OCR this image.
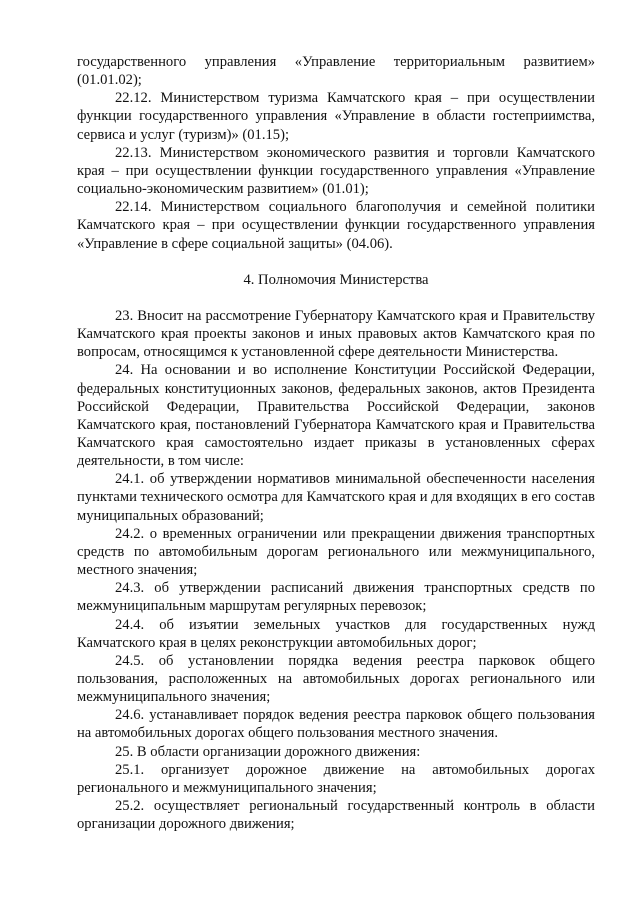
государственного управления «Управление территориальным развитием» (01.01.02);

22.12. Министерством туризма Камчатского края – при осуществлении функции государственного управления «Управление в области гостеприимства, сервиса и услуг (туризм)» (01.15);

22.13. Министерством экономического развития и торговли Камчатского края – при осуществлении функции государственного управления «Управление социально-экономическим развитием» (01.01);

22.14. Министерством социального благополучия и семейной политики Камчатского края – при осуществлении функции государственного управления «Управление в сфере социальной защиты» (04.06).

4. Полномочия Министерства

23. Вносит на рассмотрение Губернатору Камчатского края и Правительству Камчатского края проекты законов и иных правовых актов Камчатского края по вопросам, относящимся к установленной сфере деятельности Министерства.

24. На основании и во исполнение Конституции Российской Федерации, федеральных конституционных законов, федеральных законов, актов Президента Российской Федерации, Правительства Российской Федерации, законов Камчатского края, постановлений Губернатора Камчатского края и Правительства Камчатского края самостоятельно издает приказы в установленных сферах деятельности, в том числе:

24.1. об утверждении нормативов минимальной обеспеченности населения пунктами технического осмотра для Камчатского края и для входящих в его состав муниципальных образований;

24.2. о временных ограничении или прекращении движения транспортных средств по автомобильным дорогам регионального или межмуниципального, местного значения;

24.3. об утверждении расписаний движения транспортных средств по межмуниципальным маршрутам регулярных перевозок;

24.4. об изъятии земельных участков для государственных нужд Камчатского края в целях реконструкции автомобильных дорог;

24.5. об установлении порядка ведения реестра парковок общего пользования, расположенных на автомобильных дорогах регионального или межмуниципального значения;

24.6. устанавливает порядок ведения реестра парковок общего пользования на автомобильных дорогах общего пользования местного значения.

25. В области организации дорожного движения:

25.1. организует дорожное движение на автомобильных дорогах регионального и межмуниципального значения;

25.2. осуществляет региональный государственный контроль в области организации дорожного движения;
